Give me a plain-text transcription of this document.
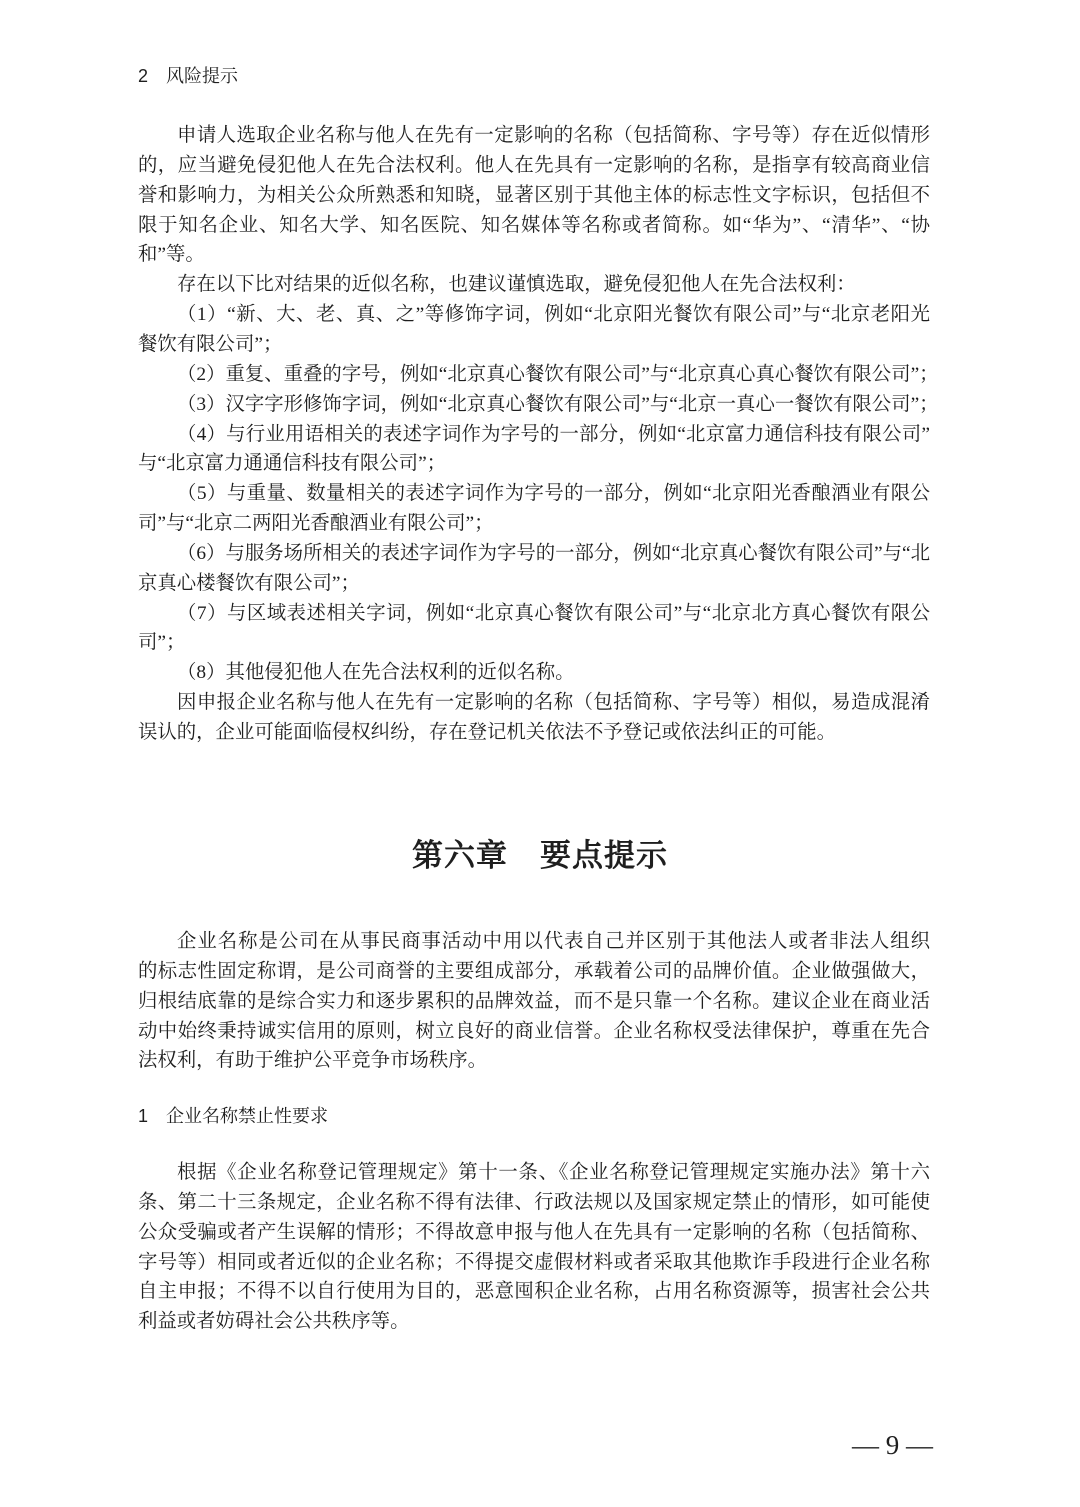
2　风险提示
申请人选取企业名称与他人在先有一定影响的名称（包括简称、字号等）存在近似情形
的，应当避免侵犯他人在先合法权利。他人在先具有一定影响的名称，是指享有较高商业信
誉和影响力，为相关公众所熟悉和知晓，显著区别于其他主体的标志性文字标识，包括但不
限于知名企业、知名大学、知名医院、知名媒体等名称或者简称。如“华为”、“清华”、“协
和”等。
存在以下比对结果的近似名称，也建议谨慎选取，避免侵犯他人在先合法权利：
（1）“新、大、老、真、之”等修饰字词，例如“北京阳光餐饮有限公司”与“北京老阳光
餐饮有限公司”；
（2）重复、重叠的字号，例如“北京真心餐饮有限公司”与“北京真心真心餐饮有限公司”；
（3）汉字字形修饰字词，例如“北京真心餐饮有限公司”与“北京一真心一餐饮有限公司”；
（4）与行业用语相关的表述字词作为字号的一部分，例如“北京富力通信科技有限公司”
与“北京富力通通信科技有限公司”；
（5）与重量、数量相关的表述字词作为字号的一部分，例如“北京阳光香酿酒业有限公
司”与“北京二两阳光香酿酒业有限公司”；
（6）与服务场所相关的表述字词作为字号的一部分，例如“北京真心餐饮有限公司”与“北
京真心楼餐饮有限公司”；
（7）与区域表述相关字词，例如“北京真心餐饮有限公司”与“北京北方真心餐饮有限公
司”；
（8）其他侵犯他人在先合法权利的近似名称。
因申报企业名称与他人在先有一定影响的名称（包括简称、字号等）相似，易造成混淆
误认的，企业可能面临侵权纠纷，存在登记机关依法不予登记或依法纠正的可能。
第六章　要点提示
企业名称是公司在从事民商事活动中用以代表自己并区别于其他法人或者非法人组织
的标志性固定称谓，是公司商誉的主要组成部分，承载着公司的品牌价值。企业做强做大，
归根结底靠的是综合实力和逐步累积的品牌效益，而不是只靠一个名称。建议企业在商业活
动中始终秉持诚实信用的原则，树立良好的商业信誉。企业名称权受法律保护，尊重在先合
法权利，有助于维护公平竞争市场秩序。
1　企业名称禁止性要求
根据《企业名称登记管理规定》第十一条、《企业名称登记管理规定实施办法》第十六
条、第二十三条规定，企业名称不得有法律、行政法规以及国家规定禁止的情形，如可能使
公众受骗或者产生误解的情形；不得故意申报与他人在先具有一定影响的名称（包括简称、
字号等）相同或者近似的企业名称；不得提交虚假材料或者采取其他欺诈手段进行企业名称
自主申报；不得不以自行使用为目的，恶意囤积企业名称，占用名称资源等，损害社会公共
利益或者妨碍社会公共秩序等。
— 9 —
